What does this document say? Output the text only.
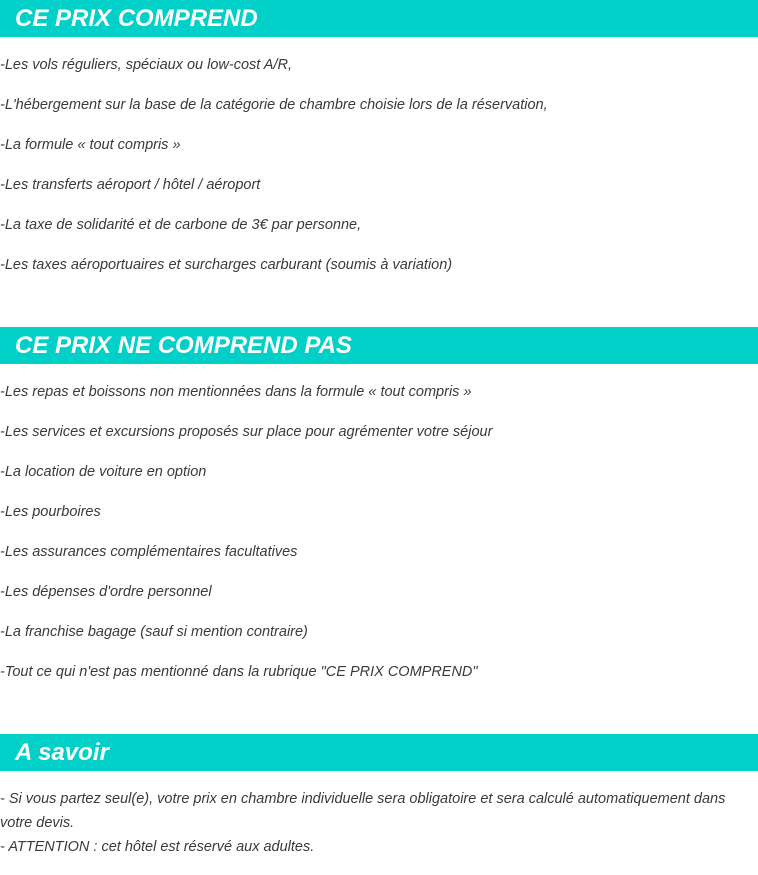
CE PRIX COMPREND
-Les vols réguliers, spéciaux ou low-cost A/R,
-L'hébergement sur la base de la catégorie de chambre choisie lors de la réservation,
-La formule « tout compris »
-Les transferts aéroport / hôtel / aéroport
-La taxe de solidarité et de carbone de 3€ par personne,
-Les taxes aéroportuaires et surcharges carburant (soumis à variation)
CE PRIX NE COMPREND PAS
-Les repas et boissons non mentionnées dans la formule « tout compris »
-Les services et excursions proposés sur place pour agrémenter votre séjour
-La location de voiture en option
-Les pourboires
-Les assurances complémentaires facultatives
-Les dépenses d'ordre personnel
-La franchise bagage (sauf si mention contraire)
-Tout ce qui n'est pas mentionné dans la rubrique "CE PRIX COMPREND"
A savoir
- Si vous partez seul(e), votre prix en chambre individuelle sera obligatoire et sera calculé automatiquement dans votre devis.
- ATTENTION : cet hôtel est réservé aux adultes.
